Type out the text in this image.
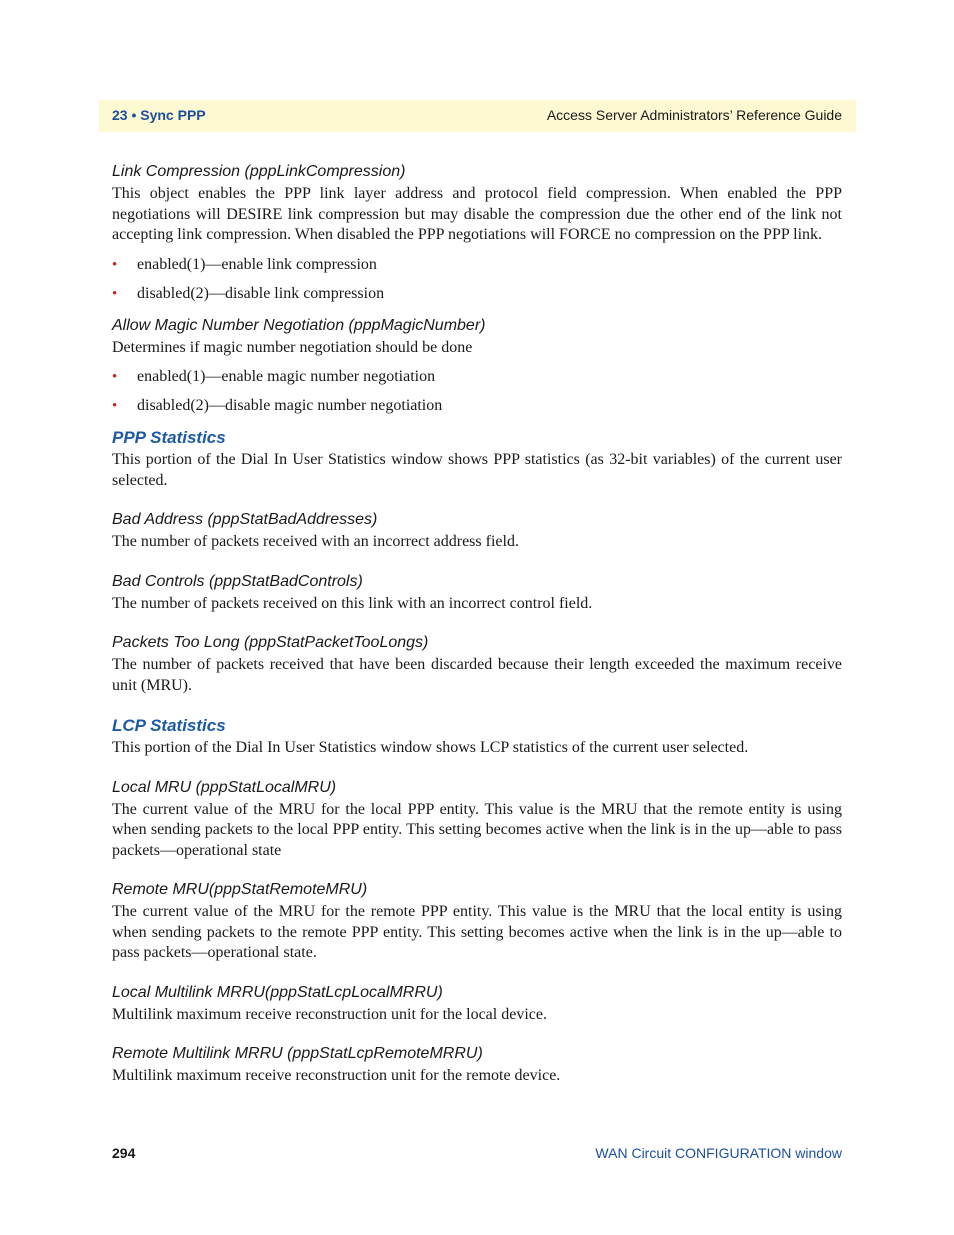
23 • Sync PPP	Access Server Administrators’ Reference Guide
Link Compression (pppLinkCompression)

This object enables the PPP link layer address and protocol field compression. When enabled the PPP negotiations will DESIRE link compression but may disable the compression due the other end of the link not accepting link compression. When disabled the PPP negotiations will FORCE no compression on the PPP link.

• enabled(1)—enable link compression
• disabled(2)—disable link compression
Allow Magic Number Negotiation (pppMagicNumber)

Determines if magic number negotiation should be done

• enabled(1)—enable magic number negotiation
• disabled(2)—disable magic number negotiation
PPP Statistics

This portion of the Dial In User Statistics window shows PPP statistics (as 32-bit variables) of the current user selected.

Bad Address (pppStatBadAddresses)

The number of packets received with an incorrect address field.

Bad Controls (pppStatBadControls)

The number of packets received on this link with an incorrect control field.

Packets Too Long (pppStatPacketTooLongs)

The number of packets received that have been discarded because their length exceeded the maximum receive unit (MRU).

LCP Statistics

This portion of the Dial In User Statistics window shows LCP statistics of the current user selected.

Local MRU (pppStatLocalMRU)

The current value of the MRU for the local PPP entity. This value is the MRU that the remote entity is using when sending packets to the local PPP entity. This setting becomes active when the link is in the up—able to pass packets—operational state

Remote MRU(pppStatRemoteMRU)

The current value of the MRU for the remote PPP entity. This value is the MRU that the local entity is using when sending packets to the remote PPP entity. This setting becomes active when the link is in the up—able to pass packets—operational state.

Local Multilink MRRU(pppStatLcpLocalMRRU)

Multilink maximum receive reconstruction unit for the local device.

Remote Multilink MRRU (pppStatLcpRemoteMRRU)

Multilink maximum receive reconstruction unit for the remote device.

294	WAN Circuit CONFIGURATION window
